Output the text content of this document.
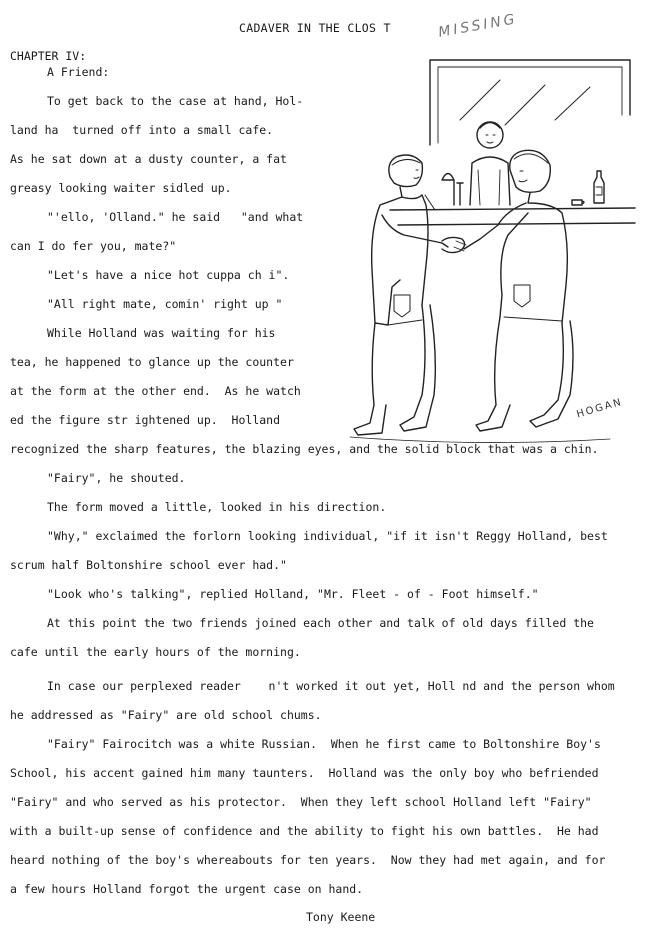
CADAVER IN THE CLOS T	MISSING
CHAPTER IV:
A Friend:
To get back to the case at hand, Hol-
land ha  turned off into a small cafe.
As he sat down at a dusty counter, a fat
greasy looking waiter sidled up.
"'ello, 'Olland." he said   "and what
can I do fer you, mate?"
"Let's have a nice hot cuppa ch i".
"All right mate, comin' right up "
While Holland was waiting for his
tea, he happened to glance up the counter
at the form at the other end.  As he watch
ed the figure str ightened up.  Holland
recognized the sharp features, the blazing eyes, and the solid block that was a chin.
"Fairy", he shouted.
The form moved a little, looked in his direction.
"Why," exclaimed the forlorn looking individual, "if it isn't Reggy Holland, best
scrum half Boltonshire school ever had."
"Look who's talking", replied Holland, "Mr. Fleet - of - Foot himself."
At this point the two friends joined each other and talk of old days filled the
cafe until the early hours of the morning.
In case our perplexed reader    n't worked it out yet, Holl nd and the person whom
he addressed as "Fairy" are old school chums.
"Fairy" Fairocitch was a white Russian.  When he first came to Boltonshire Boy's
School, his accent gained him many taunters.  Holland was the only boy who befriended
"Fairy" and who served as his protector.  When they left school Holland left "Fairy"
with a built-up sense of confidence and the ability to fight his own battles.  He had
heard nothing of the boy's whereabouts for ten years.  Now they had met again, and for
a few hours Holland forgot the urgent case on hand.
Tony Keene
HOGAN
